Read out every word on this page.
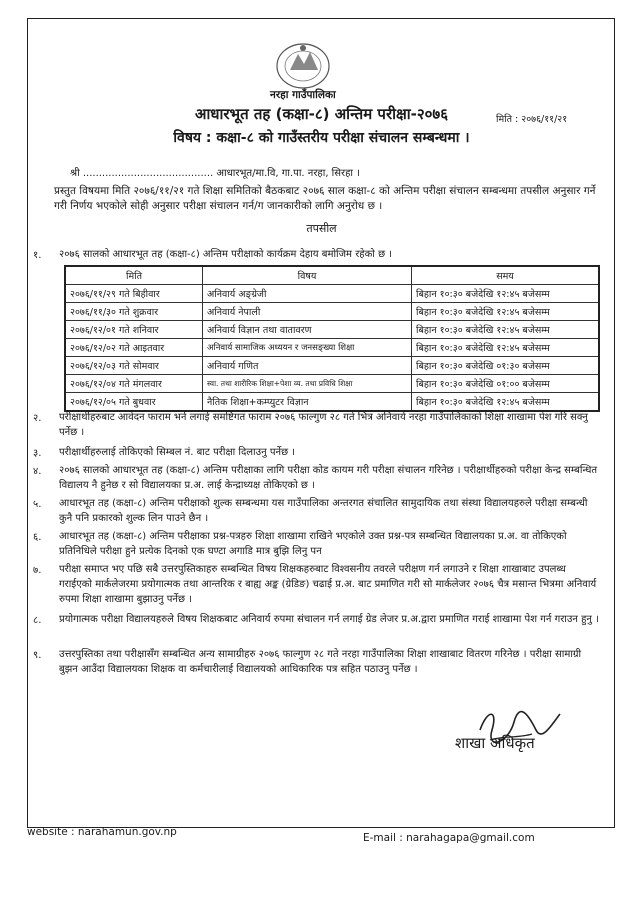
नरहा गाउँपालिका
आधारभूत तह (कक्षा-८) अन्तिम परीक्षा-२०७६	मिति : २०७६/११/२१
विषय : कक्षा-८ को गाउँस्तरीय परीक्षा संचालन सम्बन्धमा ।
श्री ......................................... आधारभूत/मा.वि, गा.पा. नरहा, सिरहा ।
प्रस्तुत विषयमा मिति २०७६/११/२१ गते शिक्षा समितिको बैठकबाट २०७६ साल कक्षा-८ को अन्तिम परीक्षा संचालन सम्बन्धमा तपसील अनुसार गर्ने गरी निर्णय भएकोले सोही अनुसार परीक्षा संचालन गर्न/ग जानकारीको लागि अनुरोध छ ।
तपसील
१. २०७६ सालको आधारभूत तह (कक्षा-८) अन्तिम परीक्षाको कार्यक्रम देहाय बमोजिम रहेको छ ।
मिति	विषय	समय
२०७६/११/२९ गते बिहीवार	अनिवार्य अङ्ग्रेजी	बिहान १०:३० बजेदेखि १२:४५ बजेसम्म
२०७६/११/३० गते शुक्रवार	अनिवार्य नेपाली	बिहान १०:३० बजेदेखि १२:४५ बजेसम्म
२०७६/१२/०१ गते शनिवार	अनिवार्य विज्ञान तथा वातावरण	बिहान १०:३० बजेदेखि १२:४५ बजेसम्म
२०७६/१२/०२ गते आइतवार	अनिवार्य सामाजिक अध्ययन र जनसङ्ख्या शिक्षा	बिहान १०:३० बजेदेखि १२:४५ बजेसम्म
२०७६/१२/०३ गते सोमवार	अनिवार्य गणित	बिहान १०:३० बजेदेखि ०१:३० बजेसम्म
२०७६/१२/०४ गते मंगलवार	स्वा. तथा शारीरिक शिक्षा+पेशा व्य. तथा प्रविधि शिक्षा	बिहान १०:३० बजेदेखि ०१:०० बजेसम्म
२०७६/१२/०५ गते बुधवार	नैतिक शिक्षा+कम्प्युटर विज्ञान	बिहान १०:३० बजेदेखि १२:४५ बजेसम्म
२. परीक्षार्थीहरुबाट आवेदन फाराम भर्न लगाई समष्टिगत फाराम २०७६ फाल्गुण २८ गते भित्र अनिवार्य नरहा गाउँपालिकाको शिक्षा शाखामा पेश गरि सक्नु पर्नेछ ।
३. परीक्षार्थीहरुलाई तोकिएको सिम्बल नं. बाट परीक्षा दिलाउनु पर्नेछ ।
४. २०७६ सालको आधारभूत तह (कक्षा-८) अन्तिम परीक्षाका लागि परीक्षा कोड कायम गरी परीक्षा संचालन गरिनेछ । परीक्षार्थीहरुको परीक्षा केन्द्र सम्बन्धित विद्यालय नै हुनेछ र सो विद्यालयका प्र.अ. लाई केन्द्राध्यक्ष तोकिएको छ ।
५. आधारभूत तह (कक्षा-८) अन्तिम परीक्षाको शुल्क सम्बन्धमा यस गाउँपालिका अन्तरगत संचालित सामुदायिक तथा संस्था विद्यालयहरुले परीक्षा सम्बन्धी कुनै पनि प्रकारको शुल्क लिन पाउने छैन ।
६. आधारभूत तह (कक्षा-८) अन्तिम परीक्षाका प्रश्न-पत्रहरु शिक्षा शाखामा राखिने भएकोले उक्त प्रश्न-पत्र सम्बन्धित विद्यालयका प्र.अ. वा तोकिएको प्रतिनिधिले परीक्षा हुने प्रत्येक दिनको एक घण्टा अगाडि मात्र बुझि लिनु पन
७. परीक्षा समाप्त भए पछि सबै उत्तरपुस्तिकाहरु सम्बन्धित विषय शिक्षकहरुबाट विश्वसनीय तवरले परीक्षण गर्न लगाउने र शिक्षा शाखाबाट उपलब्ध गराईएको मार्कलेजरमा प्रयोगात्मक तथा आन्तरिक र बाह्य अङ्क (ग्रेडिङ) चढाई प्र.अ. बाट प्रमाणित गरी सो मार्कलेजर २०७६ चैत्र मसान्त भित्रमा अनिवार्य रुपमा शिक्षा शाखामा बुझाउनु पर्नेछ ।
८. प्रयोगात्मक परीक्षा विद्यालयहरुले विषय शिक्षकबाट अनिवार्य रुपमा संचालन गर्न लगाई ग्रेड लेजर प्र.अ.द्वारा प्रमाणित गराई शाखामा पेश गर्न गराउन हुनु ।
९. उत्तरपुस्तिका तथा परीक्षासँग सम्बन्धित अन्य सामाग्रीहरु २०७६ फाल्गुण २८ गते नरहा गाउँपालिका शिक्षा शाखाबाट वितरण गरिनेछ । परीक्षा सामाग्री बुझन आउँदा विद्यालयका शिक्षक वा कर्मचारीलाई विद्यालयको आधिकारिक पत्र सहित पठाउनु पर्नेछ ।
शाखा अधिकृत
website : narahamun.gov.np	E-mail : narahagapa@gmail.com
